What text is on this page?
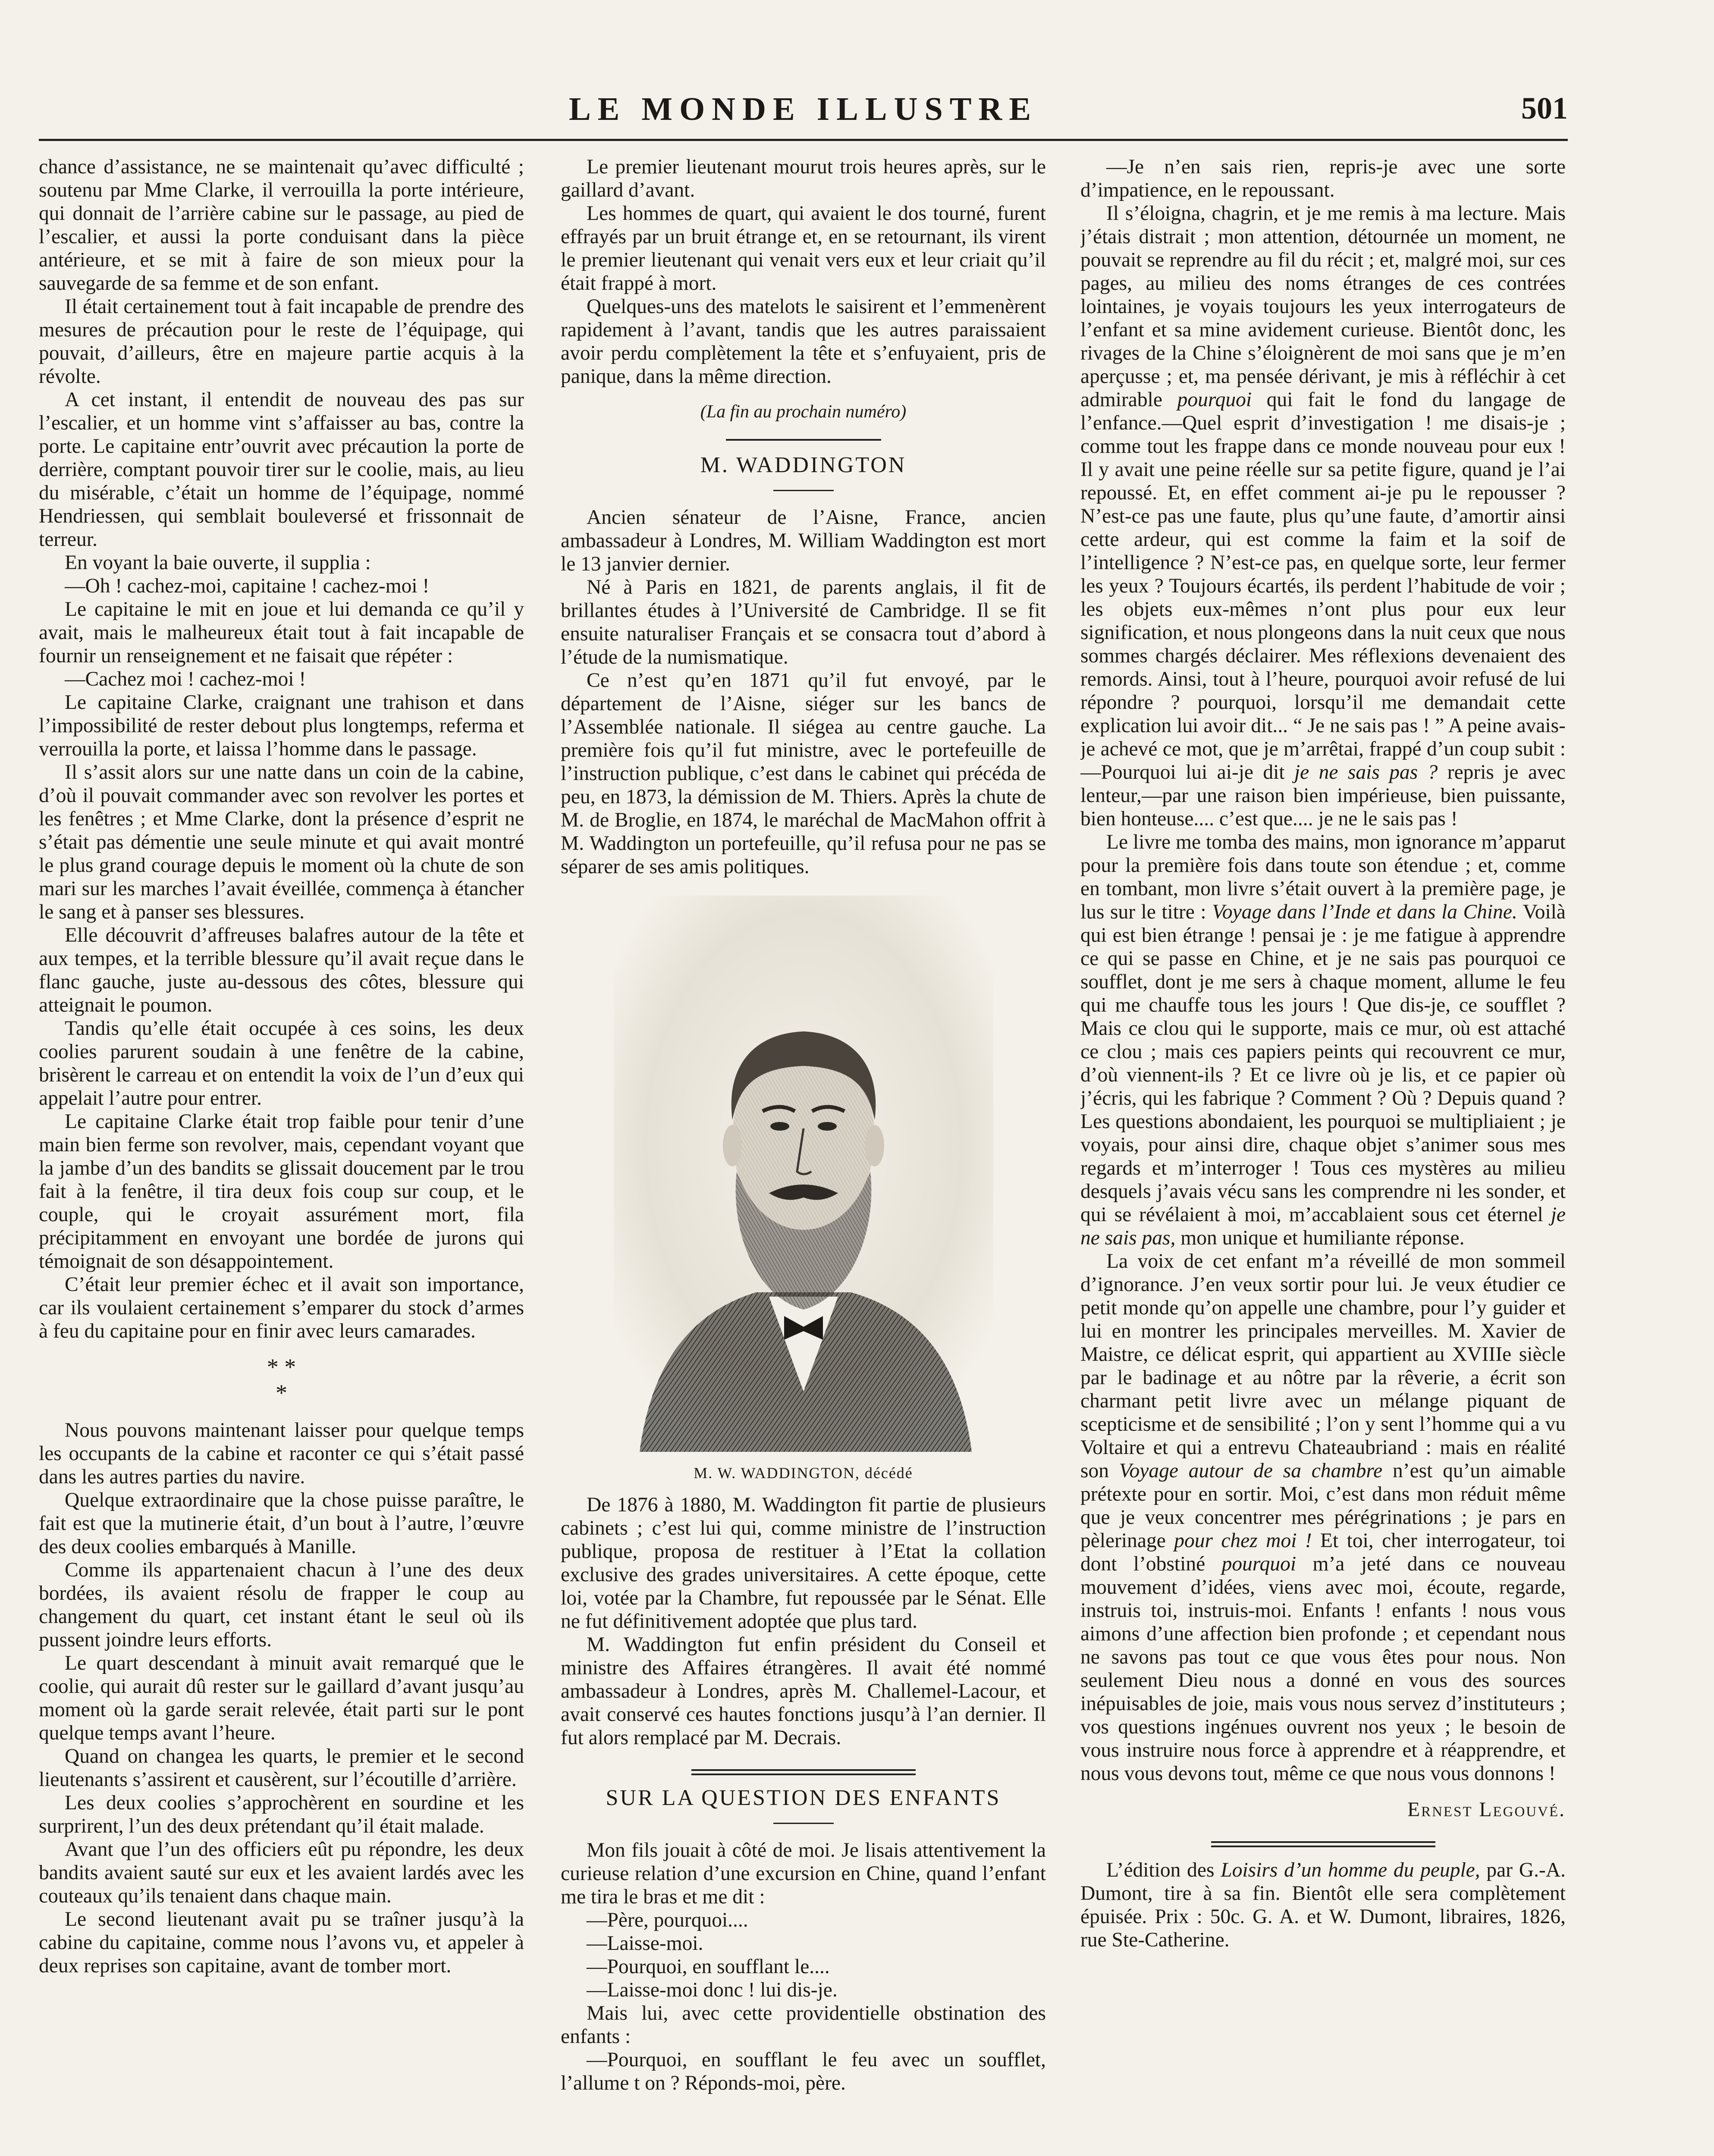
LE MONDE ILLUSTRE	501

chance d’assistance, ne se maintenait qu’avec difficulté ; soutenu par Mme Clarke, il verrouilla la porte intérieure, qui donnait de l’arrière cabine sur le passage, au pied de l’escalier, et aussi la porte conduisant dans la pièce antérieure, et se mit à faire de son mieux pour la sauvegarde de sa femme et de son enfant.

Il était certainement tout à fait incapable de prendre des mesures de précaution pour le reste de l’équipage, qui pouvait, d’ailleurs, être en majeure partie acquis à la révolte.

A cet instant, il entendit de nouveau des pas sur l’escalier, et un homme vint s’affaisser au bas, contre la porte. Le capitaine entr’ouvrit avec précaution la porte de derrière, comptant pouvoir tirer sur le coolie, mais, au lieu du misérable, c’était un homme de l’équipage, nommé Hendriessen, qui semblait bouleversé et frissonnait de terreur.

En voyant la baie ouverte, il supplia :

—Oh ! cachez-moi, capitaine ! cachez-moi !

Le capitaine le mit en joue et lui demanda ce qu’il y avait, mais le malheureux était tout à fait incapable de fournir un renseignement et ne faisait que répéter :

—Cachez moi ! cachez-moi !

Le capitaine Clarke, craignant une trahison et dans l’impossibilité de rester debout plus longtemps, referma et verrouilla la porte, et laissa l’homme dans le passage.

Il s’assit alors sur une natte dans un coin de la cabine, d’où il pouvait commander avec son revolver les portes et les fenêtres ; et Mme Clarke, dont la présence d’esprit ne s’était pas démentie une seule minute et qui avait montré le plus grand courage depuis le moment où la chute de son mari sur les marches l’avait éveillée, commença à étancher le sang et à panser ses blessures.

Elle découvrit d’affreuses balafres autour de la tête et aux tempes, et la terrible blessure qu’il avait reçue dans le flanc gauche, juste au-dessous des côtes, blessure qui atteignait le poumon.

Tandis qu’elle était occupée à ces soins, les deux coolies parurent soudain à une fenêtre de la cabine, brisèrent le carreau et on entendit la voix de l’un d’eux qui appelait l’autre pour entrer.

Le capitaine Clarke était trop faible pour tenir d’une main bien ferme son revolver, mais, cependant voyant que la jambe d’un des bandits se glissait doucement par le trou fait à la fenêtre, il tira deux fois coup sur coup, et le couple, qui le croyait assurément mort, fila précipitamment en envoyant une bordée de jurons qui témoignait de son désappointement.

C’était leur premier échec et il avait son importance, car ils voulaient certainement s’emparer du stock d’armes à feu du capitaine pour en finir avec leurs camarades.

* *
*

Nous pouvons maintenant laisser pour quelque temps les occupants de la cabine et raconter ce qui s’était passé dans les autres parties du navire.

Quelque extraordinaire que la chose puisse paraître, le fait est que la mutinerie était, d’un bout à l’autre, l’œuvre des deux coolies embarqués à Manille.

Comme ils appartenaient chacun à l’une des deux bordées, ils avaient résolu de frapper le coup au changement du quart, cet instant étant le seul où ils pussent joindre leurs efforts.

Le quart descendant à minuit avait remarqué que le coolie, qui aurait dû rester sur le gaillard d’avant jusqu’au moment où la garde serait relevée, était parti sur le pont quelque temps avant l’heure.

Quand on changea les quarts, le premier et le second lieutenants s’assirent et causèrent, sur l’écoutille d’arrière.

Les deux coolies s’approchèrent en sourdine et les surprirent, l’un des deux prétendant qu’il était malade.

Avant que l’un des officiers eût pu répondre, les deux bandits avaient sauté sur eux et les avaient lardés avec les couteaux qu’ils tenaient dans chaque main.

Le second lieutenant avait pu se traîner jusqu’à la cabine du capitaine, comme nous l’avons vu, et appeler à deux reprises son capitaine, avant de tomber mort.

Le premier lieutenant mourut trois heures après, sur le gaillard d’avant.

Les hommes de quart, qui avaient le dos tourné, furent effrayés par un bruit étrange et, en se retournant, ils virent le premier lieutenant qui venait vers eux et leur criait qu’il était frappé à mort.

Quelques-uns des matelots le saisirent et l’emmenèrent rapidement à l’avant, tandis que les autres paraissaient avoir perdu complètement la tête et s’enfuyaient, pris de panique, dans la même direction.

(La fin au prochain numéro)
M. WADDINGTON

Ancien sénateur de l’Aisne, France, ancien ambassadeur à Londres, M. William Waddington est mort le 13 janvier dernier.

Né à Paris en 1821, de parents anglais, il fit de brillantes études à l’Université de Cambridge. Il se fit ensuite naturaliser Français et se consacra tout d’abord à l’étude de la numismatique.

Ce n’est qu’en 1871 qu’il fut envoyé, par le département de l’Aisne, siéger sur les bancs de l’Assemblée nationale. Il siégea au centre gauche. La première fois qu’il fut ministre, avec le portefeuille de l’instruction publique, c’est dans le cabinet qui précéda de peu, en 1873, la démission de M. Thiers. Après la chute de M. de Broglie, en 1874, le maréchal de MacMahon offrit à M. Waddington un portefeuille, qu’il refusa pour ne pas se séparer de ses amis politiques.

M. W. WADDINGTON, décédé

De 1876 à 1880, M. Waddington fit partie de plusieurs cabinets ; c’est lui qui, comme ministre de l’instruction publique, proposa de restituer à l’Etat la collation exclusive des grades universitaires. A cette époque, cette loi, votée par la Chambre, fut repoussée par le Sénat. Elle ne fut définitivement adoptée que plus tard.

M. Waddington fut enfin président du Conseil et ministre des Affaires étrangères. Il avait été nommé ambassadeur à Londres, après M. Challemel-Lacour, et avait conservé ces hautes fonctions jusqu’à l’an dernier. Il fut alors remplacé par M. Decrais.

SUR LA QUESTION DES ENFANTS

Mon fils jouait à côté de moi. Je lisais attentivement la curieuse relation d’une excursion en Chine, quand l’enfant me tira le bras et me dit :

—Père, pourquoi....

—Laisse-moi.

—Pourquoi, en soufflant le....

—Laisse-moi donc ! lui dis-je.

Mais lui, avec cette providentielle obstination des enfants :

—Pourquoi, en soufflant le feu avec un soufflet, l’allume t on ? Réponds-moi, père.

—Je n’en sais rien, repris-je avec une sorte d’impatience, en le repoussant.

Il s’éloigna, chagrin, et je me remis à ma lecture. Mais j’étais distrait ; mon attention, détournée un moment, ne pouvait se reprendre au fil du récit ; et, malgré moi, sur ces pages, au milieu des noms étranges de ces contrées lointaines, je voyais toujours les yeux interrogateurs de l’enfant et sa mine avidement curieuse. Bientôt donc, les rivages de la Chine s’éloignèrent de moi sans que je m’en aperçusse ; et, ma pensée dérivant, je mis à réfléchir à cet admirable pourquoi qui fait le fond du langage de l’enfance.—Quel esprit d’investigation ! me disais-je ; comme tout les frappe dans ce monde nouveau pour eux ! Il y avait une peine réelle sur sa petite figure, quand je l’ai repoussé. Et, en effet comment ai-je pu le repousser ? N’est-ce pas une faute, plus qu’une faute, d’amortir ainsi cette ardeur, qui est comme la faim et la soif de l’intelligence ? N’est-ce pas, en quelque sorte, leur fermer les yeux ? Toujours écartés, ils perdent l’habitude de voir ; les objets eux-mêmes n’ont plus pour eux leur signification, et nous plongeons dans la nuit ceux que nous sommes chargés déclairer. Mes réflexions devenaient des remords. Ainsi, tout à l’heure, pourquoi avoir refusé de lui répondre ? pourquoi, lorsqu’il me demandait cette explication lui avoir dit... “ Je ne sais pas ! ” A peine avais-je achevé ce mot, que je m’arrêtai, frappé d’un coup subit :—Pourquoi lui ai-je dit je ne sais pas ? repris je avec lenteur,—par une raison bien impérieuse, bien puissante, bien honteuse.... c’est que.... je ne le sais pas !

Le livre me tomba des mains, mon ignorance m’apparut pour la première fois dans toute son étendue ; et, comme en tombant, mon livre s’était ouvert à la première page, je lus sur le titre : Voyage dans l’Inde et dans la Chine. Voilà qui est bien étrange ! pensai je : je me fatigue à apprendre ce qui se passe en Chine, et je ne sais pas pourquoi ce soufflet, dont je me sers à chaque moment, allume le feu qui me chauffe tous les jours ! Que dis-je, ce soufflet ? Mais ce clou qui le supporte, mais ce mur, où est attaché ce clou ; mais ces papiers peints qui recouvrent ce mur, d’où viennent-ils ? Et ce livre où je lis, et ce papier où j’écris, qui les fabrique ? Comment ? Où ? Depuis quand ? Les questions abondaient, les pourquoi se multipliaient ; je voyais, pour ainsi dire, chaque objet s’animer sous mes regards et m’interroger ! Tous ces mystères au milieu desquels j’avais vécu sans les comprendre ni les sonder, et qui se révélaient à moi, m’accablaient sous cet éternel je ne sais pas, mon unique et humiliante réponse.

La voix de cet enfant m’a réveillé de mon sommeil d’ignorance. J’en veux sortir pour lui. Je veux étudier ce petit monde qu’on appelle une chambre, pour l’y guider et lui en montrer les principales merveilles. M. Xavier de Maistre, ce délicat esprit, qui appartient au XVIIIe siècle par le badinage et au nôtre par la rêverie, a écrit son charmant petit livre avec un mélange piquant de scepticisme et de sensibilité ; l’on y sent l’homme qui a vu Voltaire et qui a entrevu Chateaubriand : mais en réalité son Voyage autour de sa chambre n’est qu’un aimable prétexte pour en sortir. Moi, c’est dans mon réduit même que je veux concentrer mes pérégrinations ; je pars en pèlerinage pour chez moi ! Et toi, cher interrogateur, toi dont l’obstiné pourquoi m’a jeté dans ce nouveau mouvement d’idées, viens avec moi, écoute, regarde, instruis toi, instruis-moi. Enfants ! enfants ! nous vous aimons d’une affection bien profonde ; et cependant nous ne savons pas tout ce que vous êtes pour nous. Non seulement Dieu nous a donné en vous des sources inépuisables de joie, mais vous nous servez d’instituteurs ; vos questions ingénues ouvrent nos yeux ; le besoin de vous instruire nous force à apprendre et à réapprendre, et nous vous devons tout, même ce que nous vous donnons !

Ernest Legouvé.

L’édition des Loisirs d’un homme du peuple, par G.-A. Dumont, tire à sa fin. Bientôt elle sera complètement épuisée. Prix : 50c. G. A. et W. Dumont, libraires, 1826, rue Ste-Catherine.
